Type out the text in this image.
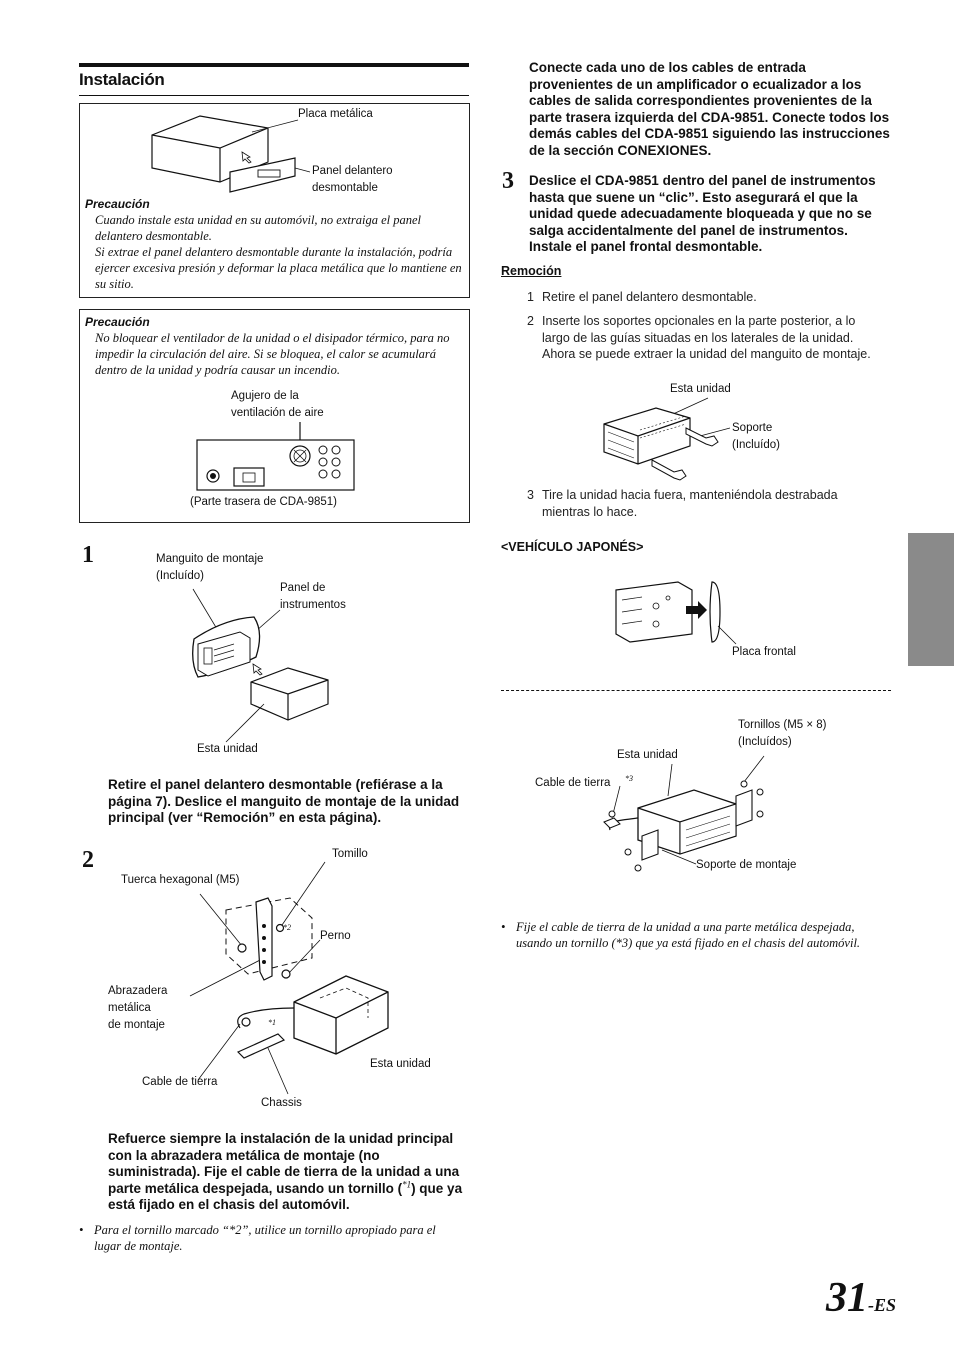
Instalación
Placa metálica
Panel delantero
desmontable
Precaución
Cuando instale esta unidad en su automóvil, no extraiga el panel delantero desmontable.
Si extrae el panel delantero desmontable durante la instalación, podría ejercer excesiva presión y deformar la placa metálica que lo mantiene en su sitio.
Precaución
No bloquear el ventilador de la unidad o el disipador térmico, para no impedir la circulación del aire. Si se bloquea, el calor se acumulará dentro de la unidad y podría causar un incendio.
Agujero de la
ventilación de aire
(Parte trasera de CDA-9851)
1	Manguito de montaje
(Incluído)
Panel de
instrumentos
Esta unidad
Retire el panel delantero desmontable (refiérase a la página 7). Deslice el manguito de montaje de la unidad principal (ver “Remoción” en esta página).
2	Tomillo
Tuerca hexagonal (M5)
Perno
Abrazadera
metálica
de montaje
*2
*1
Esta unidad
Cable de tierra
Chassis
Refuerce siempre la instalación de la unidad principal con la abrazadera metálica de montaje (no suministrada). Fije el cable de tierra de la unidad a una parte metálica despejada, usando un tornillo ($^{*1}$) que ya está fijado en el chasis del automóvil.
• Para el tornillo marcado “*2”, utilice un tornillo apropiado para el lugar de montaje.
Conecte cada uno de los cables de entrada provenientes de un amplificador o ecualizador a los cables de salida correspondientes provenientes de la parte trasera izquierda del CDA-9851. Conecte todos los demás cables del CDA-9851 siguiendo las instrucciones de la sección CONEXIONES.
3 Deslice el CDA-9851 dentro del panel de instrumentos hasta que suene un “clic”. Esto asegurará el que la unidad quede adecuadamente bloqueada y que no se salga accidentalmente del panel de instrumentos. Instale el panel frontal desmontable.
Remoción
1 Retire el panel delantero desmontable.
2 Inserte los soportes opcionales en la parte posterior, a lo largo de las guías situadas en los laterales de la unidad. Ahora se puede extraer la unidad del manguito de montaje.
Esta unidad
Soporte
(Incluído)
3 Tire la unidad hacia fuera, manteniéndola destrabada mientras lo hace.
<VEHÍCULO JAPONÉS>
Placa frontal
Tornillos (M5 × 8)
(Incluídos)
Esta unidad
Cable de tierra *3
Soporte de montaje
• Fije el cable de tierra de la unidad a una parte metálica despejada, usando un tornillo (*3) que ya está fijado en el chasis del automóvil.
31-ES
